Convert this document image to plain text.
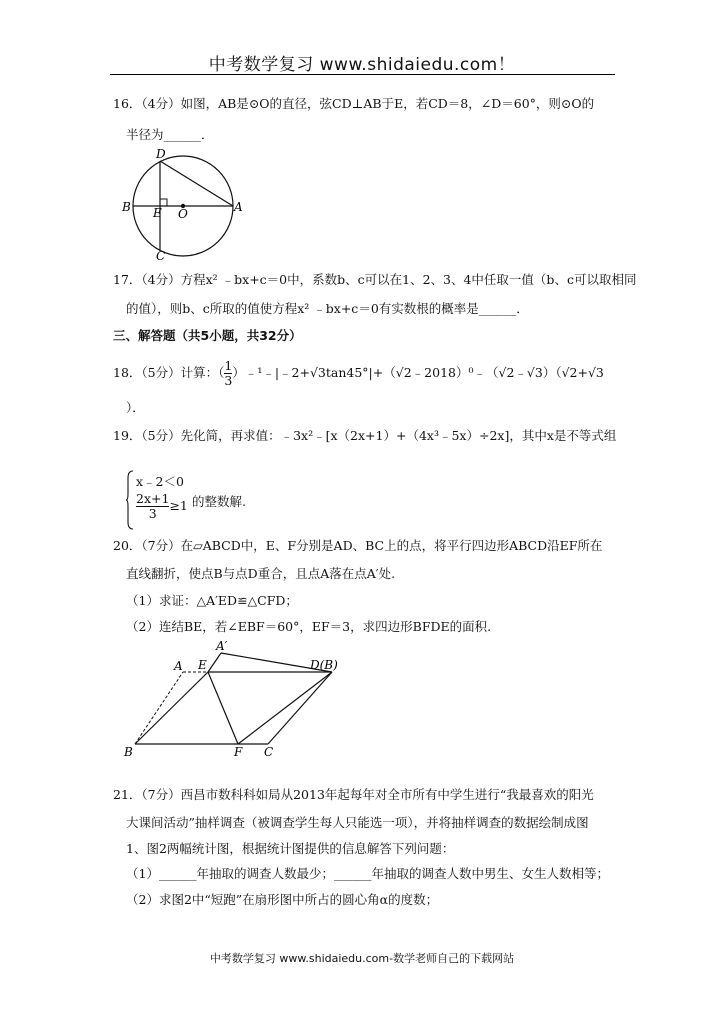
中考数学复习 www.shidaiedu.com！
16．（4分）如图，AB是⊙O的直径，弦CD⊥AB于E，若CD＝8，∠D＝60°，则⊙O的
半径为______．
D
B E O	A
C
17．（4分）方程x² ﹣bx+c＝0中，系数b、c可以在1、2、3、4中任取一值（b、c可以取相同
的值），则b、c所取的值使方程x² ﹣bx+c＝0有实数根的概率是______．
三、解答题（共5小题，共32分）
18．（5分）计算：（ $\frac{1}{3}$ ）﹣¹﹣|﹣2+√3tan45°|+（√2﹣2018）⁰﹣（√2﹣√3）（√2+√3
）．
19．（5分）先化简，再求值：﹣3x²﹣[x（2x+1）+（4x³﹣5x）÷2x]，其中x是不等式组
x﹣2＜0
$\frac{2x+1}{3} \ge 1$ 的整数解.
20．（7分）在▱ABCD中，E、F分别是AD、BC上的点，将平行四边形ABCD沿EF所在
直线翻折，使点B与点D重合，且点A落在点A′处.
（1）求证：△A′ED≌△CFD；
（2）连结BE，若∠EBF＝60°，EF＝3，求四边形BFDE的面积.
A′
A E	D(B)
B	F C
21．（7分）西昌市数科科如局从2013年起每年对全市所有中学生进行“我最喜欢的阳光
大课间活动”抽样调查（被调查学生每人只能选一项），并将抽样调查的数据绘制成图
1、图2两幅统计图，根据统计图提供的信息解答下列问题：
（1）______年抽取的调查人数最少；______年抽取的调查人数中男生、女生人数相等；
（2）求图2中“短跑”在扇形图中所占的圆心角α的度数；
中考数学复习 www.shidaiedu.com-数学老师自己的下载网站
